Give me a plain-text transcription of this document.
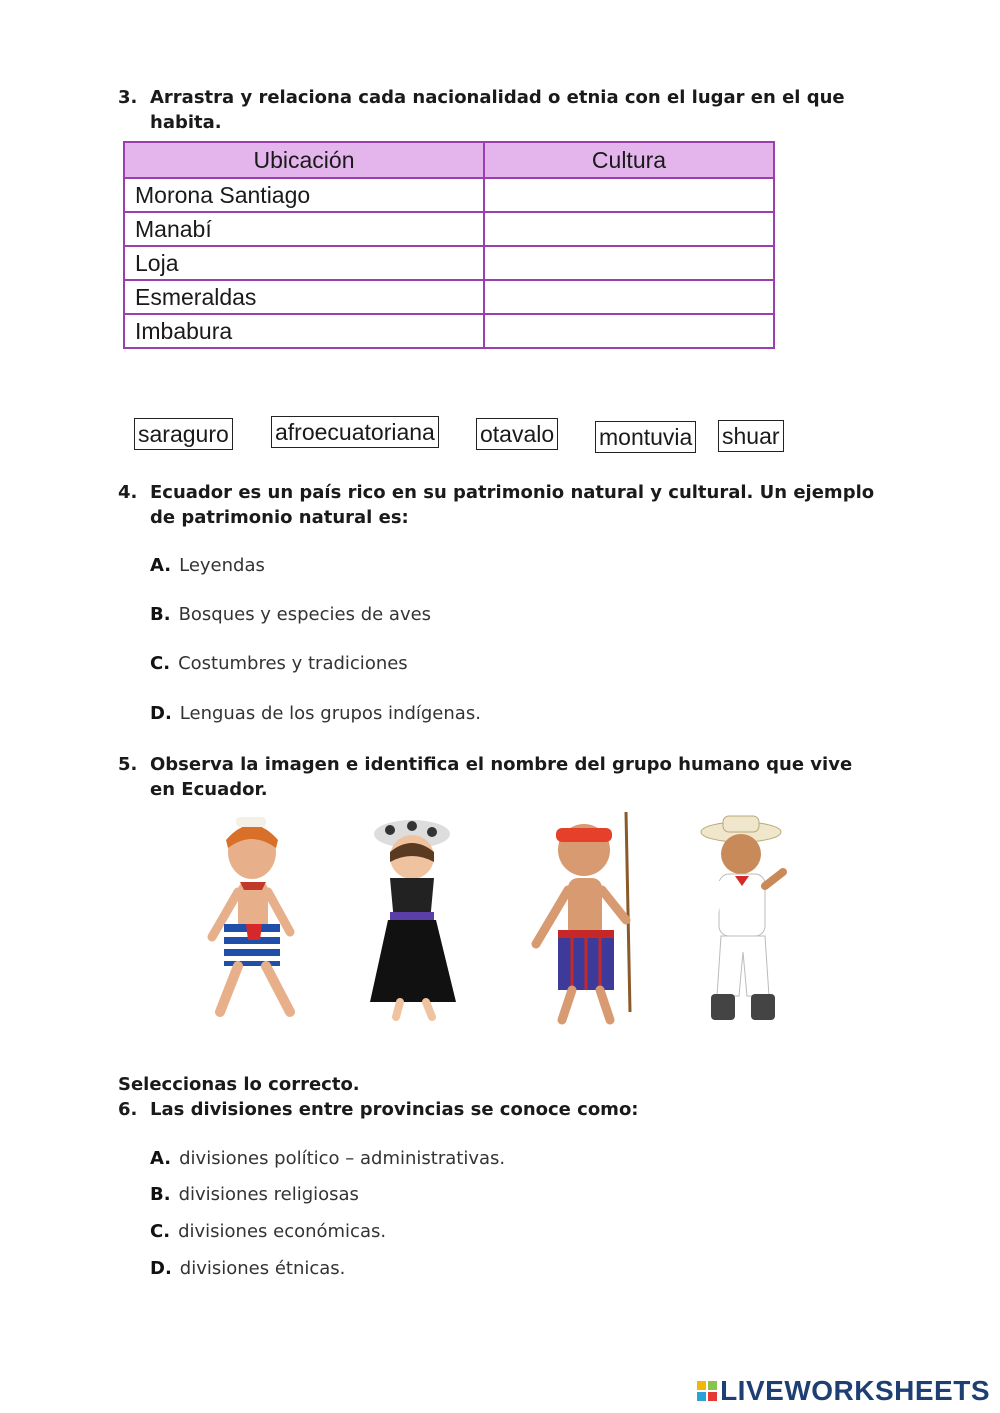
3. Arrastra y relaciona cada nacionalidad o etnia con el lugar en el que habita.
Ubicación	Cultura
Morona Santiago	
Manabí	
Loja	
Esmeraldas	
Imbabura	
saraguro afroecuatoriana otavalo montuvia shuar
4. Ecuador es un país rico en su patrimonio natural y cultural. Un ejemplo de patrimonio natural es:
A. Leyendas
B. Bosques y especies de aves
C. Costumbres y tradiciones
D. Lenguas de los grupos indígenas.
5. Observa la imagen e identifica el nombre del grupo humano que vive en Ecuador.
Seleccionas lo correcto.
6. Las divisiones entre provincias se conoce como:
A. divisiones político – administrativas.
B. divisiones religiosas
C. divisiones económicas.
D. divisiones étnicas.
LIVEWORKSHEETS
